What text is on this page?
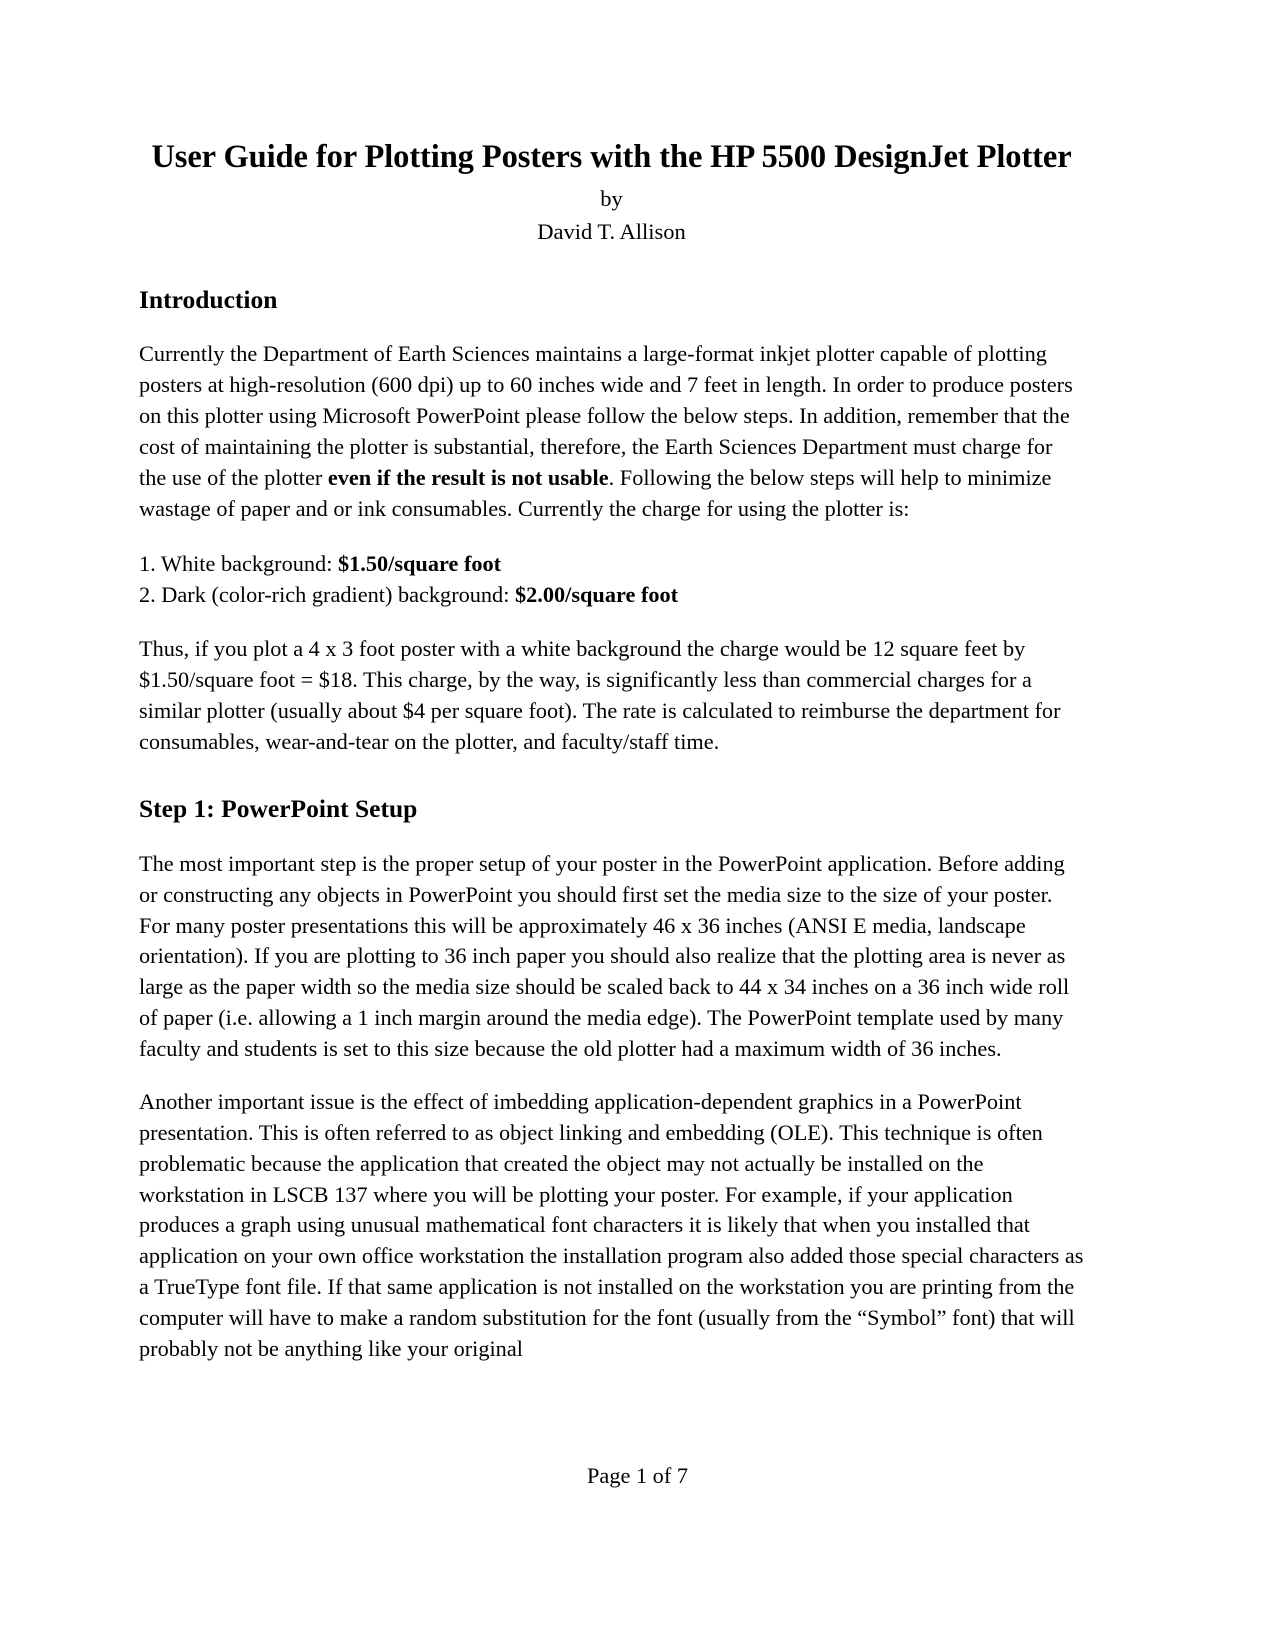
User Guide for Plotting Posters with the HP 5500 DesignJet Plotter
by
David T. Allison
Introduction

Currently the Department of Earth Sciences maintains a large-format inkjet plotter capable of plotting posters at high-resolution (600 dpi) up to 60 inches wide and 7 feet in length. In order to produce posters on this plotter using Microsoft PowerPoint please follow the below steps. In addition, remember that the cost of maintaining the plotter is substantial, therefore, the Earth Sciences Department must charge for the use of the plotter even if the result is not usable. Following the below steps will help to minimize wastage of paper and or ink consumables. Currently the charge for using the plotter is:

1. White background: $1.50/square foot
2. Dark (color-rich gradient) background: $2.00/square foot

Thus, if you plot a 4 x 3 foot poster with a white background the charge would be 12 square feet by $1.50/square foot = $18. This charge, by the way, is significantly less than commercial charges for a similar plotter (usually about $4 per square foot). The rate is calculated to reimburse the department for consumables, wear-and-tear on the plotter, and faculty/staff time.

Step 1: PowerPoint Setup

The most important step is the proper setup of your poster in the PowerPoint application. Before adding or constructing any objects in PowerPoint you should first set the media size to the size of your poster. For many poster presentations this will be approximately 46 x 36 inches (ANSI E media, landscape orientation). If you are plotting to 36 inch paper you should also realize that the plotting area is never as large as the paper width so the media size should be scaled back to 44 x 34 inches on a 36 inch wide roll of paper (i.e. allowing a 1 inch margin around the media edge). The PowerPoint template used by many faculty and students is set to this size because the old plotter had a maximum width of 36 inches.

Another important issue is the effect of imbedding application-dependent graphics in a PowerPoint presentation. This is often referred to as object linking and embedding (OLE). This technique is often problematic because the application that created the object may not actually be installed on the workstation in LSCB 137 where you will be plotting your poster. For example, if your application produces a graph using unusual mathematical font characters it is likely that when you installed that application on your own office workstation the installation program also added those special characters as a TrueType font file. If that same application is not installed on the workstation you are printing from the computer will have to make a random substitution for the font (usually from the “Symbol” font) that will probably not be anything like your original

Page 1 of 7
